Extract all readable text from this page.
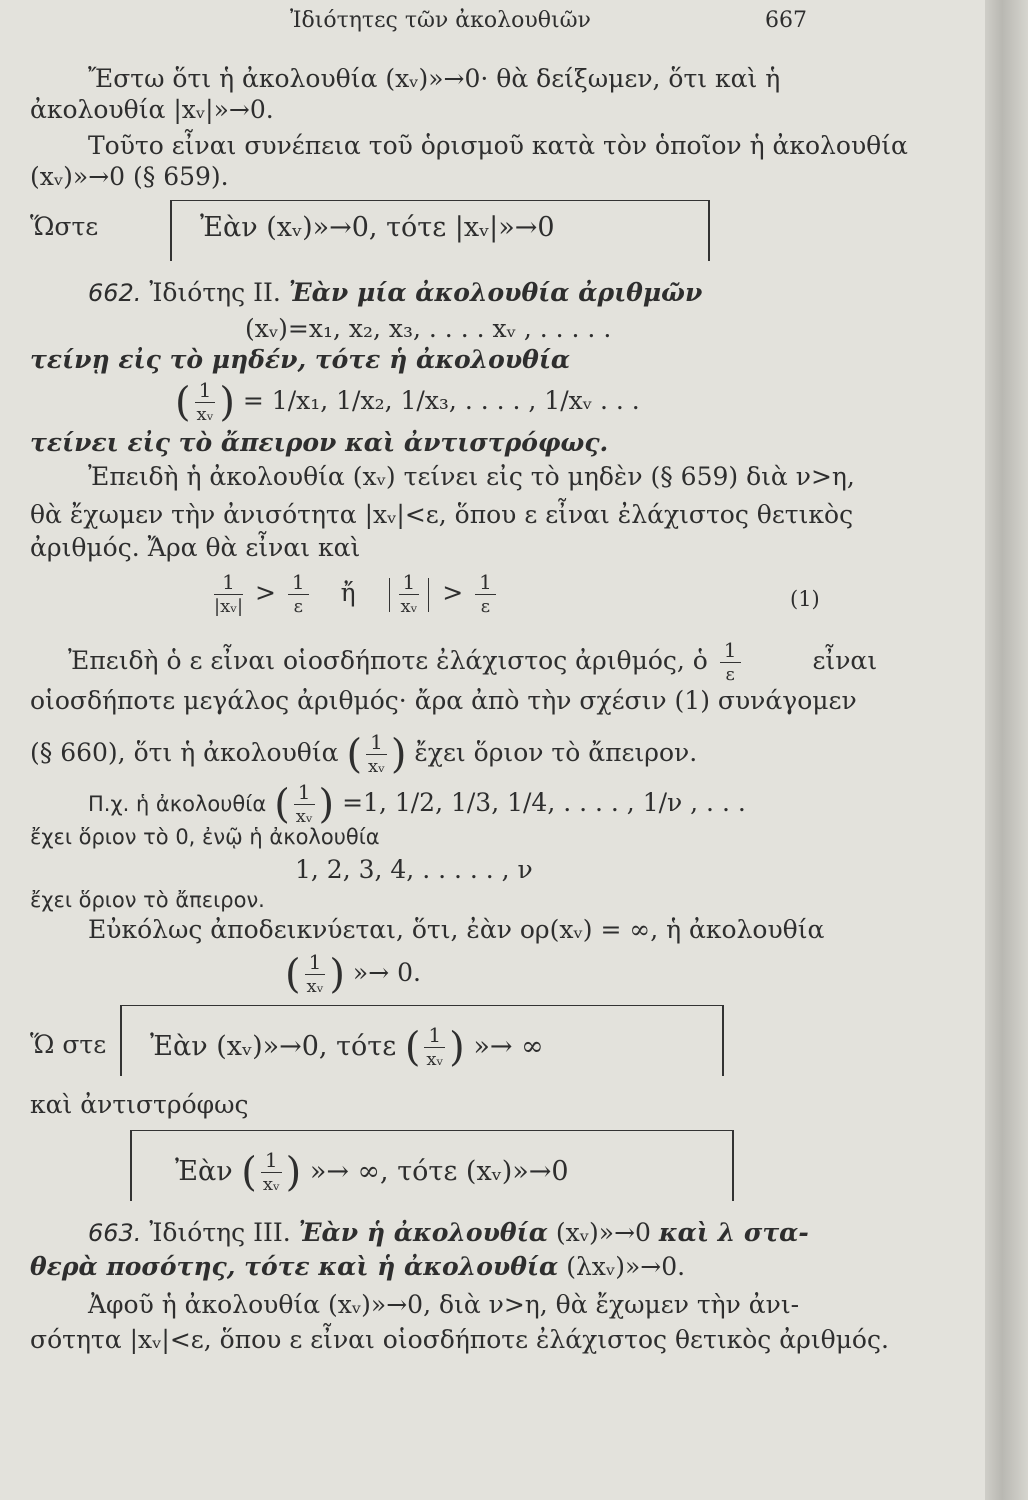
Ἰδιότητες τῶν ἀκολουθιῶν	667
Ἔστω ὅτι ἡ ἀκολουθία (xᵥ)»→0· θὰ δείξωμεν, ὅτι καὶ ἡ
ἀκολουθία |xᵥ|»→0.
Τοῦτο εἶναι συνέπεια τοῦ ὁρισμοῦ κατὰ τὸν ὁποῖον ἡ ἀκολουθία
(xᵥ)»→0 (§ 659).
Ὥστε	Ἐὰν (xᵥ)»→0, τότε |xᵥ|»→0
662. Ἰδιότης II. Ἐὰν μία ἀκολουθία ἀριθμῶν
(xᵥ)=x₁, x₂, x₃, . . . . xᵥ , . . . . .
τείνῃ εἰς τὸ μηδέν, τότε ἡ ἀκολουθία
( $\frac{1}{\text{xᵥ}}$ ) = 1/x₁, 1/x₂, 1/x₃, . . . . , 1/xᵥ . . .
τείνει εἰς τὸ ἄπειρον καὶ ἀντιστρόφως.
Ἐπειδὴ ἡ ἀκολουθία (xᵥ) τείνει εἰς τὸ μηδὲν (§ 659) διὰ ν>η,
θὰ ἔχωμεν τὴν ἀνισότητα |xᵥ|<ε, ὅπου ε εἶναι ἐλάχιστος θετικὸς
ἀριθμός. Ἄρα θὰ εἶναι καὶ
$\frac{1}{\text{|xᵥ|}} > \frac{1}{\varepsilon}$ ἤ $\frac{1}{\text{xᵥ}} > \frac{1}{\varepsilon}$	(1)
Ἐπειδὴ ὁ ε εἶναι οἱοσδήποτε ἐλάχιστος ἀριθμός, ὁ $\frac{1}{\varepsilon}$	εἶναι
οἱοσδήποτε μεγάλος ἀριθμός· ἄρα ἀπὸ τὴν σχέσιν (1) συνάγομεν
(§ 660), ὅτι ἡ ἀκολουθία ( $\frac{1}{\text{xᵥ}}$ ) ἔχει ὅριον τὸ ἄπειρον.
Π.χ. ἡ ἀκολουθία ( $\frac{1}{\text{xᵥ}}$ ) =1, 1/2, 1/3, 1/4, . . . . , 1/ν , . . .
ἔχει ὅριον τὸ 0, ἐνῷ ἡ ἀκολουθία
1, 2, 3, 4, . . . . . , ν
ἔχει ὅριον τὸ ἄπειρον.
Εὐκόλως ἀποδεικνύεται, ὅτι, ἐὰν ορ(xᵥ) = ∞, ἡ ἀκολουθία
( $\frac{1}{\text{xᵥ}}$ ) »→ 0.
Ὥ στε Ἐὰν (xᵥ)»→0, τότε ( $\frac{1}{\text{xᵥ}}$ ) »→ ∞
καὶ ἀντιστρόφως
Ἐὰν ( $\frac{1}{\text{xᵥ}}$ ) »→ ∞, τότε (xᵥ)»→0
663. Ἰδιότης III. Ἐὰν ἡ ἀκολουθία (xᵥ)»→0 καὶ λ στα-
θερὰ ποσότης, τότε καὶ ἡ ἀκολουθία (λxᵥ)»→0.
Ἀφοῦ ἡ ἀκολουθία (xᵥ)»→0, διὰ ν>η, θὰ ἔχωμεν τὴν ἀνι-
σότητα |xᵥ|<ε, ὅπου ε εἶναι οἱοσδήποτε ἐλάχιστος θετικὸς ἀριθμός.
